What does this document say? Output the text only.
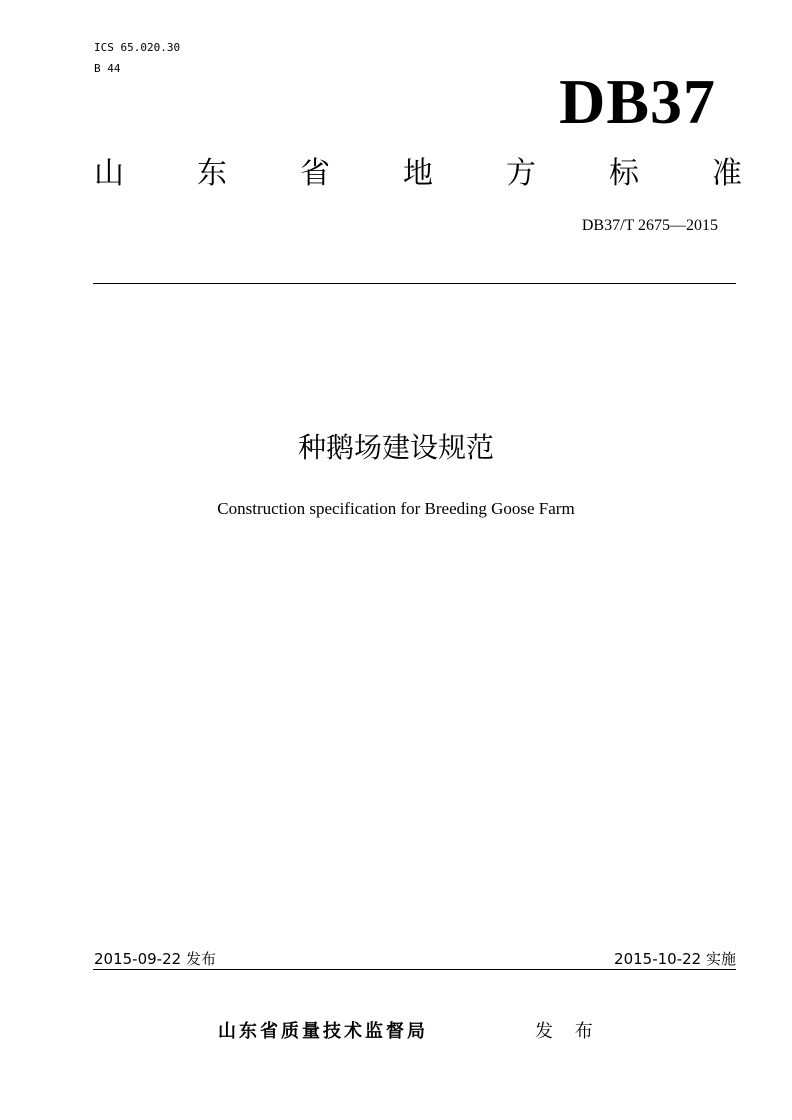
ICS 65.020.30
B 44	DB37
山 东 省 地 方 标 准
DB37/T 2675—2015
种鹅场建设规范
Construction specification for Breeding Goose Farm
2015-09-22 发布	2015-10-22 实施
山东省质量技术监督局	发 布
